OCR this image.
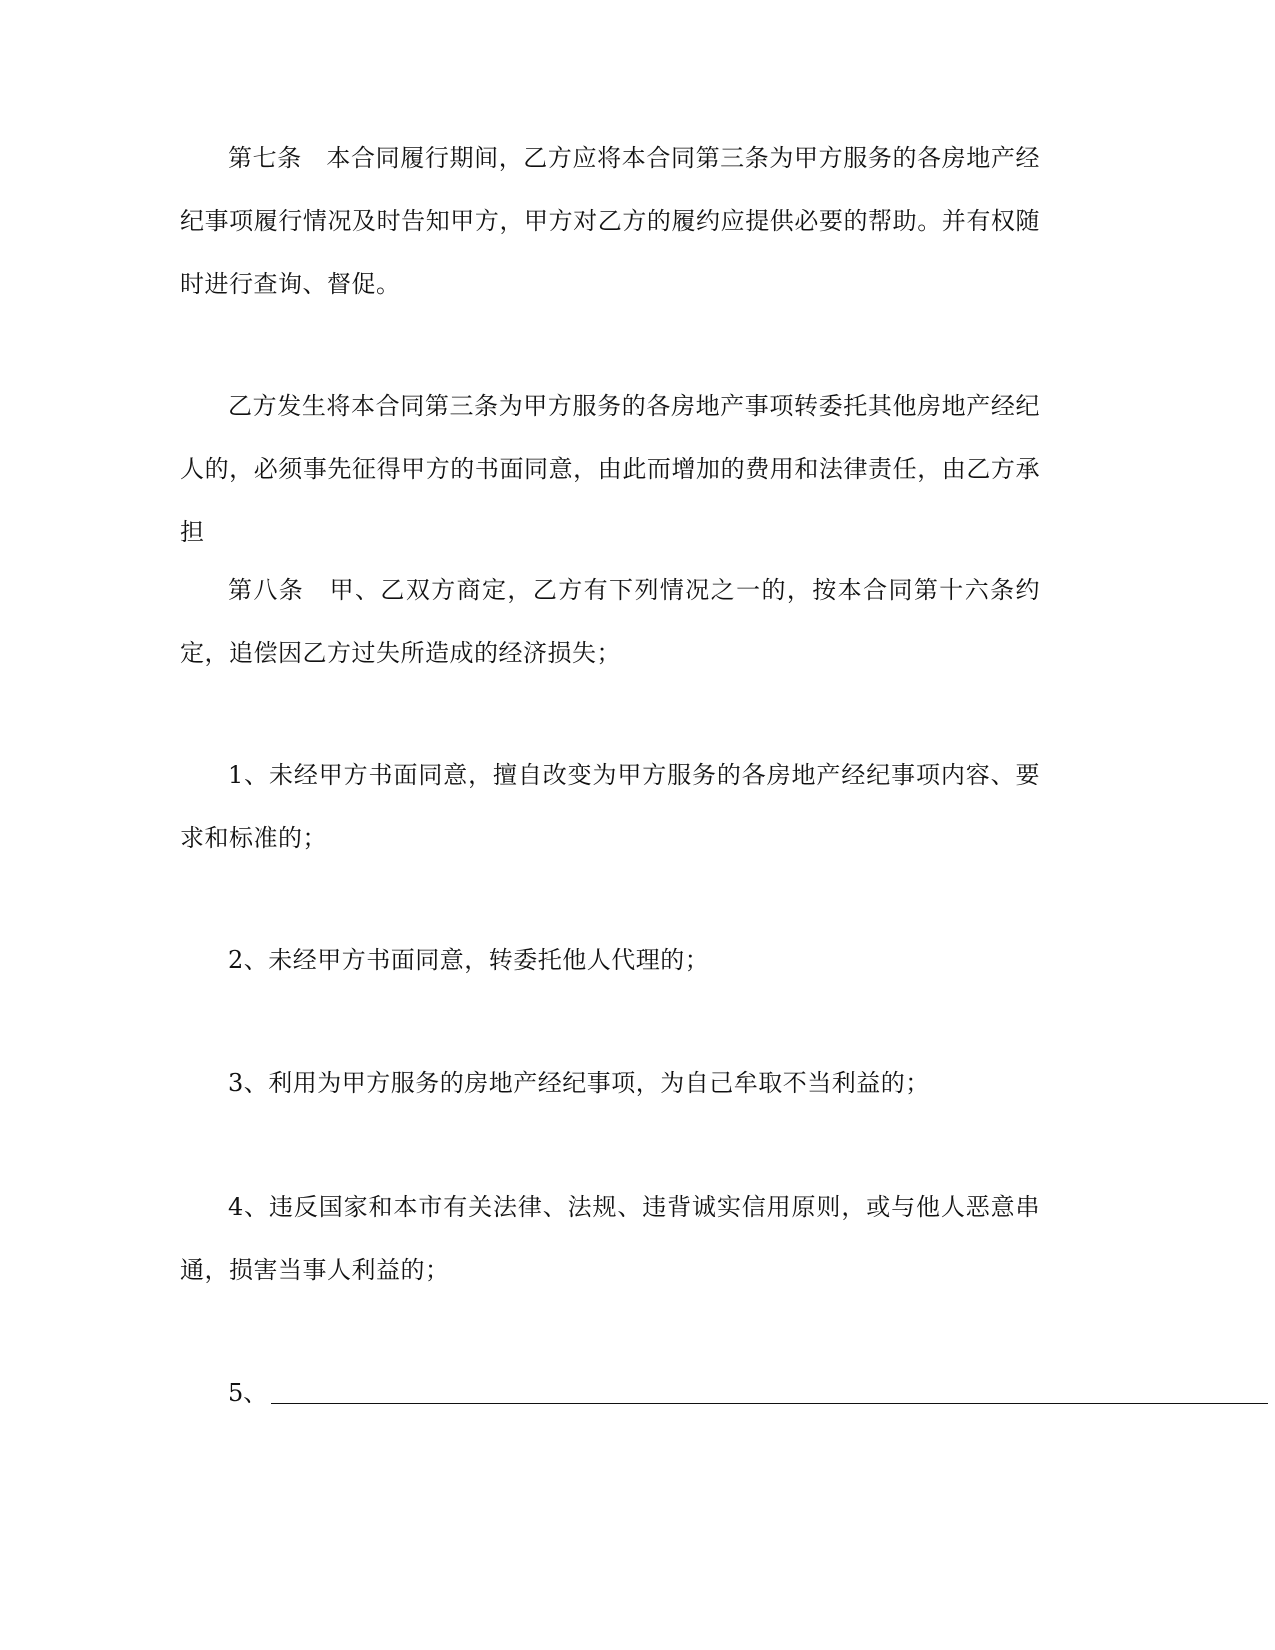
第七条　本合同履行期间，乙方应将本合同第三条为甲方服务的各房地产经纪事项履行情况及时告知甲方，甲方对乙方的履约应提供必要的帮助。并有权随时进行查询、督促。

乙方发生将本合同第三条为甲方服务的各房地产事项转委托其他房地产经纪人的，必须事先征得甲方的书面同意，由此而增加的费用和法律责任，由乙方承担

第八条　甲、乙双方商定，乙方有下列情况之一的，按本合同第十六条约定，追偿因乙方过失所造成的经济损失；

1、未经甲方书面同意，擅自改变为甲方服务的各房地产经纪事项内容、要求和标准的；

2、未经甲方书面同意，转委托他人代理的；

3、利用为甲方服务的房地产经纪事项，为自己牟取不当利益的；

4、违反国家和本市有关法律、法规、违背诚实信用原则，或与他人恶意串通，损害当事人利益的；

5、
